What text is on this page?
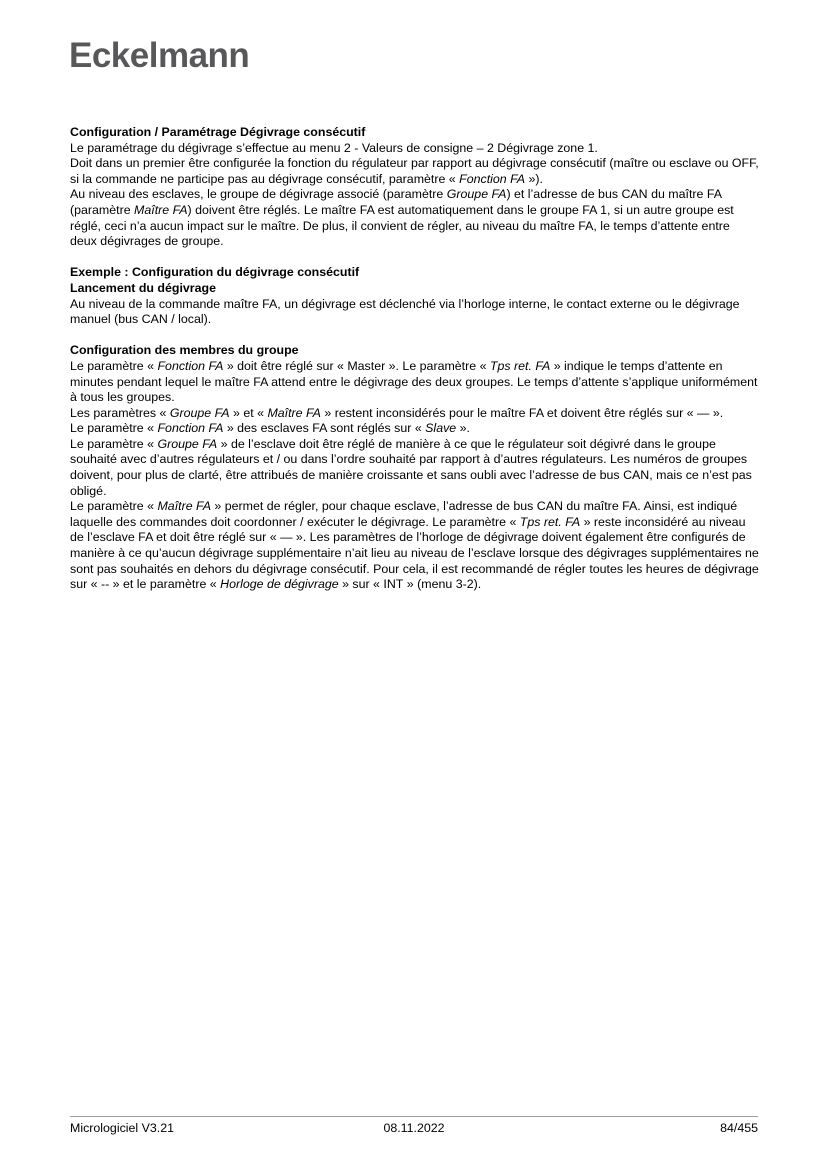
Eckelmann

Configuration / Paramétrage Dégivrage consécutif

Le paramétrage du dégivrage s’effectue au menu 2 - Valeurs de consigne – 2 Dégivrage zone 1.

Doit dans un premier être configurée la fonction du régulateur par rapport au dégivrage consécutif (maître ou esclave ou OFF, si la commande ne participe pas au dégivrage consécutif, paramètre « Fonction FA »).

Au niveau des esclaves, le groupe de dégivrage associé (paramètre Groupe FA) et l’adresse de bus CAN du maître FA (paramètre Maître FA) doivent être réglés. Le maître FA est automatiquement dans le groupe FA 1, si un autre groupe est réglé, ceci n’a aucun impact sur le maître. De plus, il convient de régler, au niveau du maître FA, le temps d’attente entre deux dégivrages de groupe.

Exemple : Configuration du dégivrage consécutif

Lancement du dégivrage

Au niveau de la commande maître FA, un dégivrage est déclenché via l’horloge interne, le contact externe ou le dégivrage manuel (bus CAN / local).

Configuration des membres du groupe

Le paramètre « Fonction FA » doit être réglé sur « Master ». Le paramètre « Tps ret. FA » indique le temps d’attente en minutes pendant lequel le maître FA attend entre le dégivrage des deux groupes. Le temps d’attente s’applique uniformément à tous les groupes.

Les paramètres « Groupe FA » et « Maître FA » restent inconsidérés pour le maître FA et doivent être réglés sur « — ».

Le paramètre « Fonction FA » des esclaves FA sont réglés sur « Slave ».

Le paramètre « Groupe FA » de l’esclave doit être réglé de manière à ce que le régulateur soit dégivré dans le groupe souhaité avec d’autres régulateurs et / ou dans l’ordre souhaité par rapport à d’autres régulateurs. Les numéros de groupes doivent, pour plus de clarté, être attribués de manière croissante et sans oubli avec l’adresse de bus CAN, mais ce n’est pas obligé.

Le paramètre « Maître FA » permet de régler, pour chaque esclave, l’adresse de bus CAN du maître FA. Ainsi, est indiqué laquelle des commandes doit coordonner / exécuter le dégivrage. Le paramètre « Tps ret. FA » reste inconsidéré au niveau de l’esclave FA et doit être réglé sur « — ». Les paramètres de l’horloge de dégivrage doivent également être configurés de manière à ce qu’aucun dégivrage supplémentaire n’ait lieu au niveau de l’esclave lorsque des dégivrages supplémentaires ne sont pas souhaités en dehors du dégivrage consécutif. Pour cela, il est recommandé de régler toutes les heures de dégivrage sur « -- » et le paramètre « Horloge de dégivrage » sur « INT » (menu 3-2).

Micrologiciel V3.21	08.11.2022	84/455
